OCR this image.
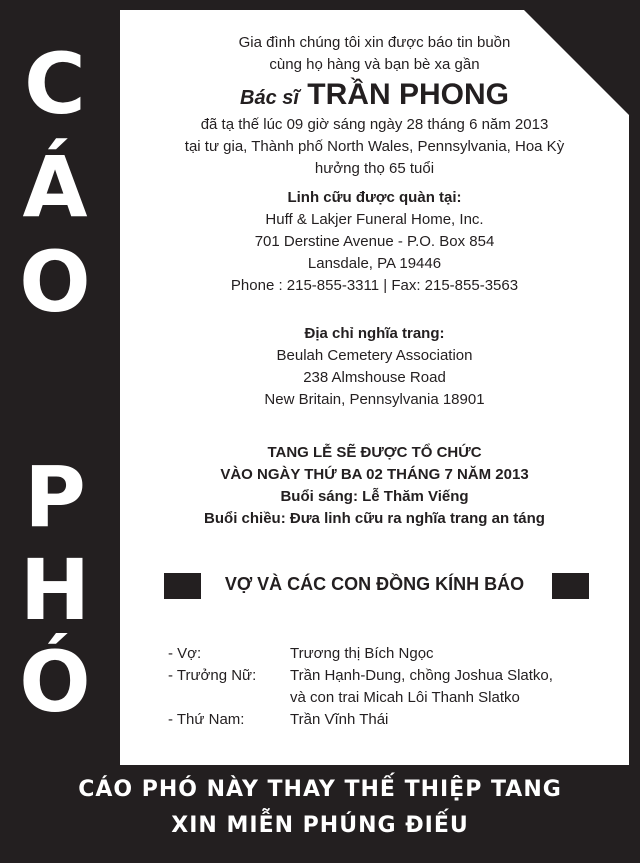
C
Á
O
P
H
Ó
Gia đình chúng tôi xin được báo tin buồn
cùng họ hàng và bạn bè xa gần
Bác sĩ TRẦN PHONG
đã tạ thế lúc 09 giờ sáng ngày 28 tháng 6 năm 2013
tại tư gia, Thành phố North Wales, Pennsylvania, Hoa Kỳ
hưởng thọ 65 tuổi
Linh cữu được quàn tại:
Huff & Lakjer Funeral Home, Inc.
701 Derstine Avenue - P.O. Box 854
Lansdale, PA 19446
Phone : 215-855-3311 | Fax: 215-855-3563
Địa chỉ nghĩa trang:
Beulah Cemetery Association
238 Almshouse Road
New Britain, Pennsylvania 18901
TANG LỄ SẼ ĐƯỢC TỔ CHỨC
VÀO NGÀY THỨ BA 02 THÁNG 7 NĂM 2013
Buổi sáng: Lễ Thăm Viếng
Buổi chiều: Đưa linh cữu ra nghĩa trang an táng
VỢ VÀ CÁC CON ĐỒNG KÍNH BÁO
- Vợ:	Trương thị Bích Ngọc
- Trưởng Nữ: Trần Hạnh-Dung, chồng Joshua Slatko,
và con trai Micah Lôi Thanh Slatko
- Thứ Nam:	Trần Vĩnh Thái
CÁO PHÓ NÀY THAY THẾ THIỆP TANG
XIN MIỄN PHÚNG ĐIẾU
